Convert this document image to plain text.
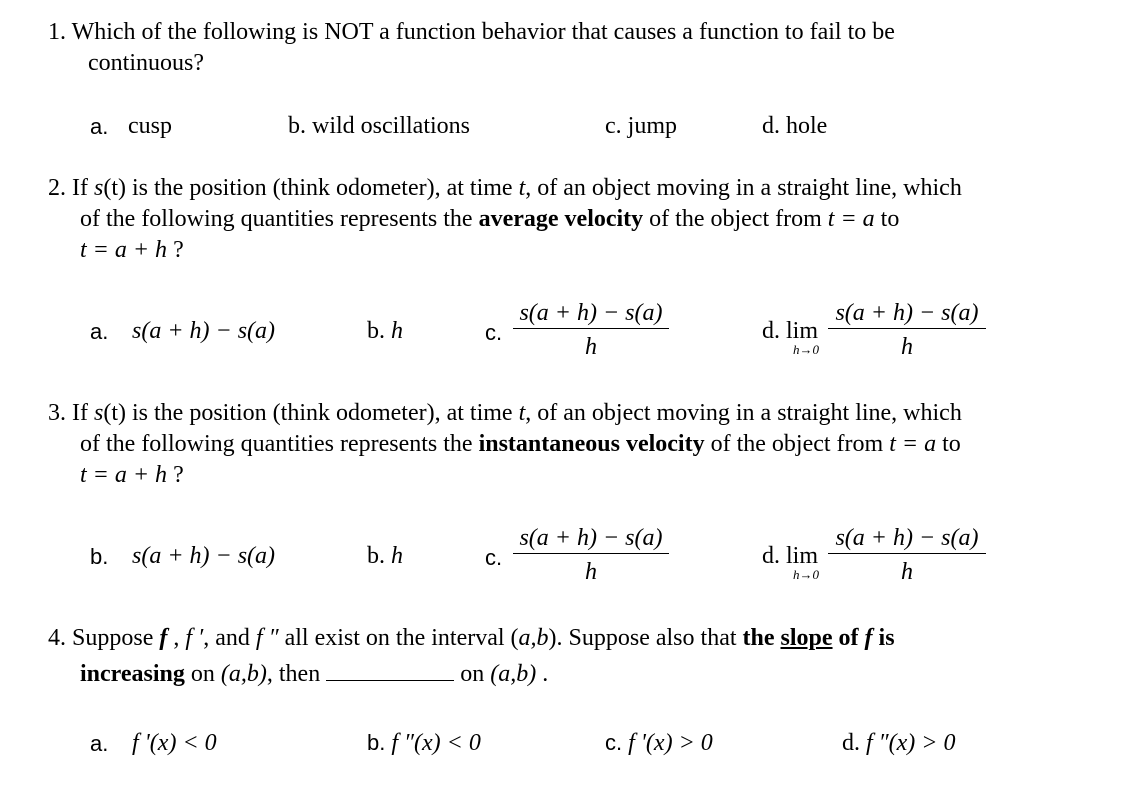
1. Which of the following is NOT a function behavior that causes a function to fail to be
continuous?
a. cusp	b. wild oscillations	c. jump	d. hole
2. If s(t) is the position (think odometer), at time t, of an object moving in a straight line, which
of the following quantities represents the average velocity of the object from t = a to
t = a + h ?
a. s(a + h) − s(a)	b. h	c. $\frac{s(a + h) - s(a)}{h}$	d. lim
$h\to 0 \frac{s(a + h) - s(a)}{h}$
3. If s(t) is the position (think odometer), at time t, of an object moving in a straight line, which
of the following quantities represents the instantaneous velocity of the object from t = a to
t = a + h ?
b. s(a + h) − s(a)	b. h	c. $\frac{s(a + h) - s(a)}{h}$	d. lim
$h\to 0 \frac{s(a + h) - s(a)}{h}$
4. Suppose f , f ′, and f ″ all exist on the interval (a,b). Suppose also that the slope of f is
increasing on (a,b), then	on (a,b) .
a. f '(x) < 0	b. f ″(x) < 0	c. f '(x) > 0	d. f ″(x) > 0
